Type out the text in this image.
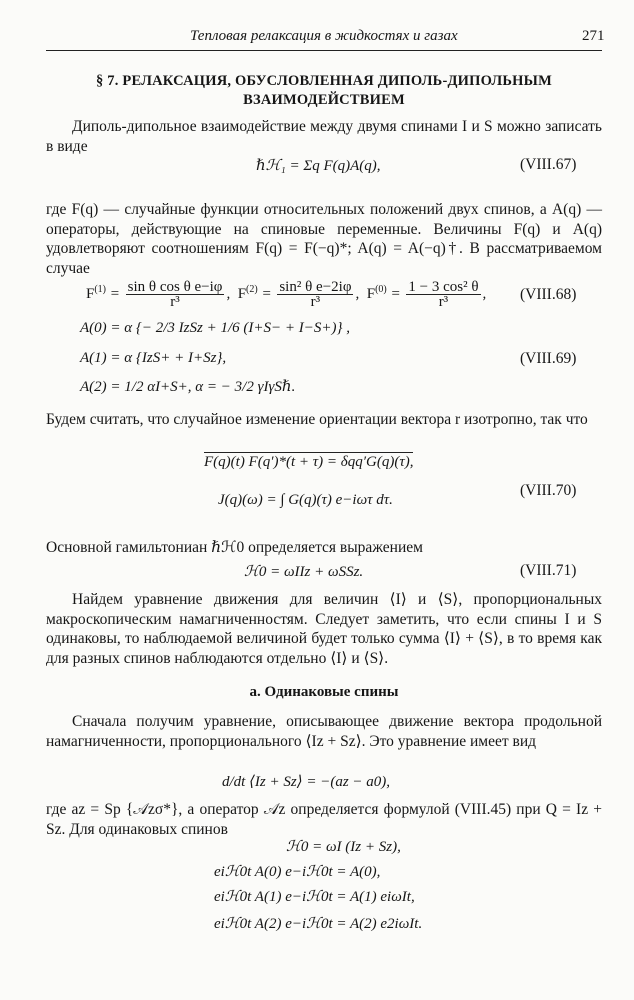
Тепловая релаксация в жидкостях и газах	271
§ 7. РЕЛАКСАЦИЯ, ОБУСЛОВЛЕННАЯ ДИПОЛЬ-ДИПОЛЬНЫМ
ВЗАИМОДЕЙСТВИЕМ
Диполь-дипольное взаимодействие между двумя спинами I и S можно записать в виде
ℏℋ₁ = Σq F(q)A(q),	(VIII.67)
где F(q) — случайные функции относительных положений двух спинов, а A(q) — операторы, действующие на спиновые переменные. Величины F(q) и A(q) удовлетворяют соотношениям F(q) = F(−q)*; A(q) = A(−q)†. В рассматриваемом случае
$F^{(1)} = \frac{\text{sin θ cos θ e−iφ}}{\text{r³}}$ ,  $F^{(2)} = \frac{\text{sin² θ e−2iφ}}{\text{r³}}$ ,  $F^{(0)} = \frac{\text{1 − 3 cos² θ}}{\text{r³}}$ , (VIII.68)
A(0) = α {− 2/3 IzSz + 1/6 (I+S− + I−S+)} ,
A(1) = α {IzS+ + I+Sz},	(VIII.69)
A(2) = 1/2 αI+S+, α = − 3/2 γIγSℏ.
Будем считать, что случайное изменение ориентации вектора r изотропно, так что
F(q)(t) F(q′)*(t + τ) = δqq′G(q)(τ),
J(q)(ω) = ∫ G(q)(τ) e−iωτ dτ.
(VIII.70)
Основной гамильтониан ℏℋ0 определяется выражением
ℋ0 = ωIIz + ωSSz.	(VIII.71)
Найдем уравнение движения для величин ⟨I⟩ и ⟨S⟩, пропорциональных макроскопическим намагниченностям. Следует заметить, что если спины I и S одинаковы, то наблюдаемой величиной будет только сумма ⟨I⟩ + ⟨S⟩, в то время как для разных спинов наблюдаются отдельно ⟨I⟩ и ⟨S⟩.
а. Одинаковые спины
Сначала получим уравнение, описывающее движение вектора продольной намагниченности, пропорционального ⟨Iz + Sz⟩. Это уравнение имеет вид
d/dt ⟨Iz + Sz⟩ = −(az − a0),
где az = Sp {𝒜zσ*}, а оператор 𝒜z определяется формулой (VIII.45) при Q = Iz + Sz. Для одинаковых спинов
ℋ0 = ωI (Iz + Sz),
eiℋ0t A(0) e−iℋ0t = A(0),
eiℋ0t A(1) e−iℋ0t = A(1) eiωIt,
eiℋ0t A(2) e−iℋ0t = A(2) e2iωIt.
